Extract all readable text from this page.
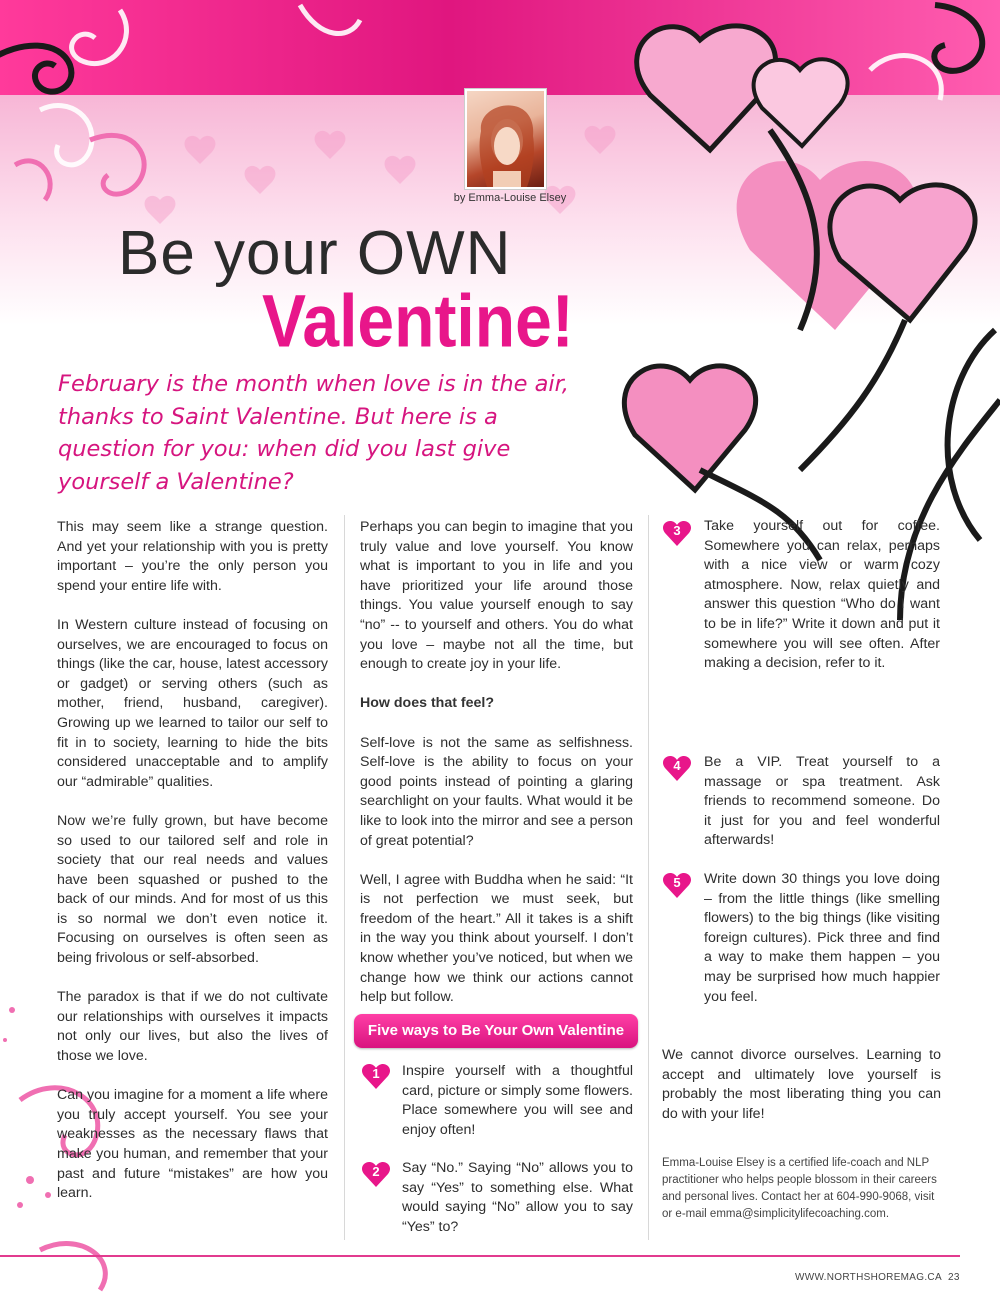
by Emma-Louise Elsey
Be your OWN
Valentine!
February is the month when love is in the air, thanks to Saint Valentine. But here is a question for you: when did you last give yourself a Valentine?

This may seem like a strange question. And yet your relationship with you is pretty important – you’re the only person you spend your entire life with.

In Western culture instead of focusing on ourselves, we are encouraged to focus on things (like the car, house, latest accessory or gadget) or serving others (such as mother, friend, husband, caregiver). Growing up we learned to tailor our self to fit in to society, learning to hide the bits considered unacceptable and to amplify our “admirable” qualities.

Now we’re fully grown, but have become so used to our tailored self and role in society that our real needs and values have been squashed or pushed to the back of our minds. And for most of us this is so normal we don’t even notice it. Focusing on ourselves is often seen as being frivolous or self-absorbed.

The paradox is that if we do not cultivate our relationships with ourselves it impacts not only our lives, but also the lives of those we love.

Can you imagine for a moment a life where you truly accept yourself. You see your weaknesses as the necessary flaws that make you human, and remember that your past and future “mistakes” are how you learn.

Perhaps you can begin to imagine that you truly value and love yourself. You know what is important to you in life and you have prioritized your life around those things. You value yourself enough to say “no” -- to yourself and others. You do what you love – maybe not all the time, but enough to create joy in your life.

How does that feel?

Self-love is not the same as selfishness. Self-love is the ability to focus on your good points instead of pointing a glaring searchlight on your faults. What would it be like to look into the mirror and see a person of great potential?

Well, I agree with Buddha when he said: “It is not perfection we must seek, but freedom of the heart.” All it takes is a shift in the way you think about yourself. I don’t know whether you’ve noticed, but when we change how we think our actions cannot help but follow.

Five ways to Be Your Own Valentine
1	Inspire yourself with a thoughtful card, picture or simply some flowers. Place somewhere you will see and enjoy often!
2	Say “No.” Saying “No” allows you to say “Yes” to something else. What would saying “No” allow you to say “Yes” to?
3	Take yourself out for coffee. Somewhere you can relax, perhaps with a nice view or warm cozy atmosphere. Now, relax quietly and answer this question “Who do I want to be in life?” Write it down and put it somewhere you will see often. After making a decision, refer to it.
4	Be a VIP. Treat yourself to a massage or spa treatment. Ask friends to recommend someone. Do it just for you and feel wonderful afterwards!
5	Write down 30 things you love doing – from the little things (like smelling flowers) to the big things (like visiting foreign cultures). Pick three and find a way to make them happen – you may be surprised how much happier you feel.
We cannot divorce ourselves. Learning to accept and ultimately love yourself is probably the most liberating thing you can do with your life!
Emma-Louise Elsey is a certified life-coach and NLP practitioner who helps people blossom in their careers and personal lives. Contact her at 604-990-9068, visit or e-mail emma@simplicitylifecoaching.com.
WWW.NORTHSHOREMAG.CA 23
